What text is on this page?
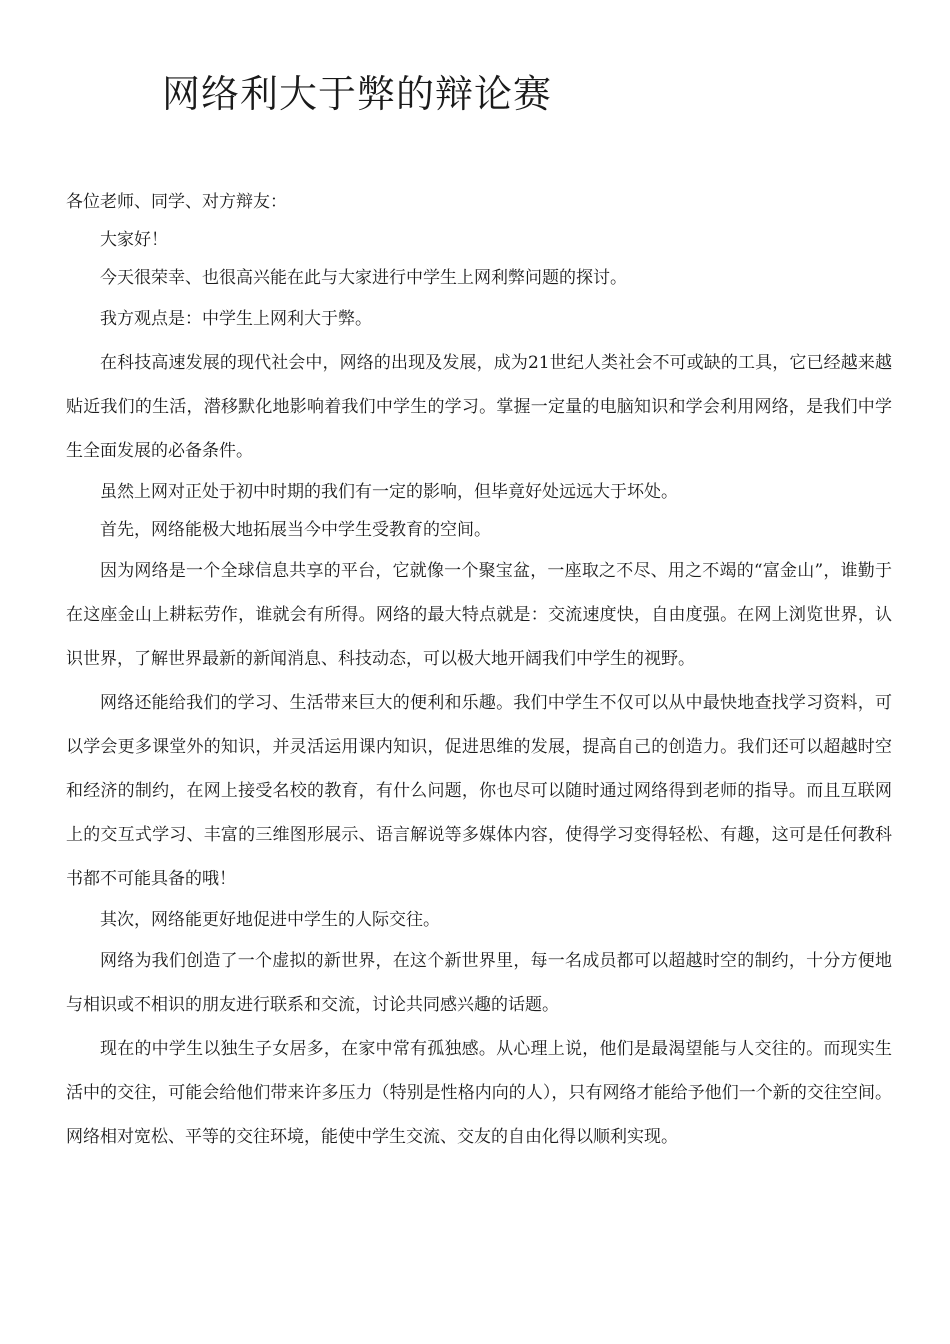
网络利大于弊的辩论赛

各位老师、同学、对方辩友：

大家好！

今天很荣幸、也很高兴能在此与大家进行中学生上网利弊问题的探讨。

我方观点是：中学生上网利大于弊。

在科技高速发展的现代社会中，网络的出现及发展，成为21世纪人类社会不可或缺的工具，它已经越来越贴近我们的生活，潜移默化地影响着我们中学生的学习。掌握一定量的电脑知识和学会利用网络，是我们中学生全面发展的必备条件。

虽然上网对正处于初中时期的我们有一定的影响，但毕竟好处远远大于坏处。

首先，网络能极大地拓展当今中学生受教育的空间。

因为网络是一个全球信息共享的平台，它就像一个聚宝盆，一座取之不尽、用之不竭的“富金山”，谁勤于在这座金山上耕耘劳作，谁就会有所得。网络的最大特点就是：交流速度快，自由度强。在网上浏览世界，认识世界，了解世界最新的新闻消息、科技动态，可以极大地开阔我们中学生的视野。

网络还能给我们的学习、生活带来巨大的便利和乐趣。我们中学生不仅可以从中最快地查找学习资料，可以学会更多课堂外的知识，并灵活运用课内知识，促进思维的发展，提高自己的创造力。我们还可以超越时空和经济的制约，在网上接受名校的教育，有什么问题，你也尽可以随时通过网络得到老师的指导。而且互联网上的交互式学习、丰富的三维图形展示、语言解说等多媒体内容，使得学习变得轻松、有趣，这可是任何教科书都不可能具备的哦！

其次，网络能更好地促进中学生的人际交往。

网络为我们创造了一个虚拟的新世界，在这个新世界里，每一名成员都可以超越时空的制约，十分方便地与相识或不相识的朋友进行联系和交流，讨论共同感兴趣的话题。

现在的中学生以独生子女居多，在家中常有孤独感。从心理上说，他们是最渴望能与人交往的。而现实生活中的交往，可能会给他们带来许多压力（特别是性格内向的人），只有网络才能给予他们一个新的交往空间。网络相对宽松、平等的交往环境，能使中学生交流、交友的自由化得以顺利实现。
